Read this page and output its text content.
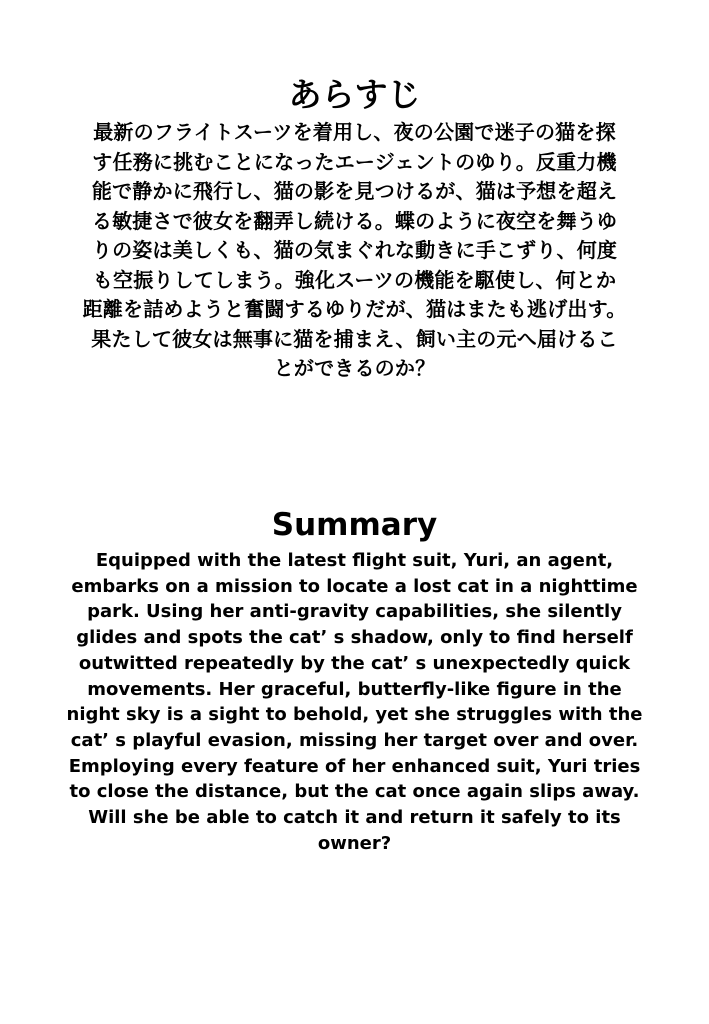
あらすじ

最新のフライトスーツを着用し、夜の公園で迷子の猫を探
す任務に挑むことになったエージェントのゆり。反重力機
能で静かに飛行し、猫の影を見つけるが、猫は予想を超え
る敏捷さで彼女を翻弄し続ける。蝶のように夜空を舞うゆ
りの姿は美しくも、猫の気まぐれな動きに手こずり、何度
も空振りしてしまう。強化スーツの機能を駆使し、何とか
距離を詰めようと奮闘するゆりだが、猫はまたも逃げ出す。
果たして彼女は無事に猫を捕まえ、飼い主の元へ届けるこ
とができるのか？

Summary

Equipped with the latest flight suit, Yuri, an agent,
embarks on a mission to locate a lost cat in a nighttime
park. Using her anti-gravity capabilities, she silently
glides and spots the cat’ s shadow, only to find herself
outwitted repeatedly by the cat’ s unexpectedly quick
movements. Her graceful, butterfly-like figure in the
night sky is a sight to behold, yet she struggles with the
cat’ s playful evasion, missing her target over and over.
Employing every feature of her enhanced suit, Yuri tries
to close the distance, but the cat once again slips away.
Will she be able to catch it and return it safely to its
owner?
